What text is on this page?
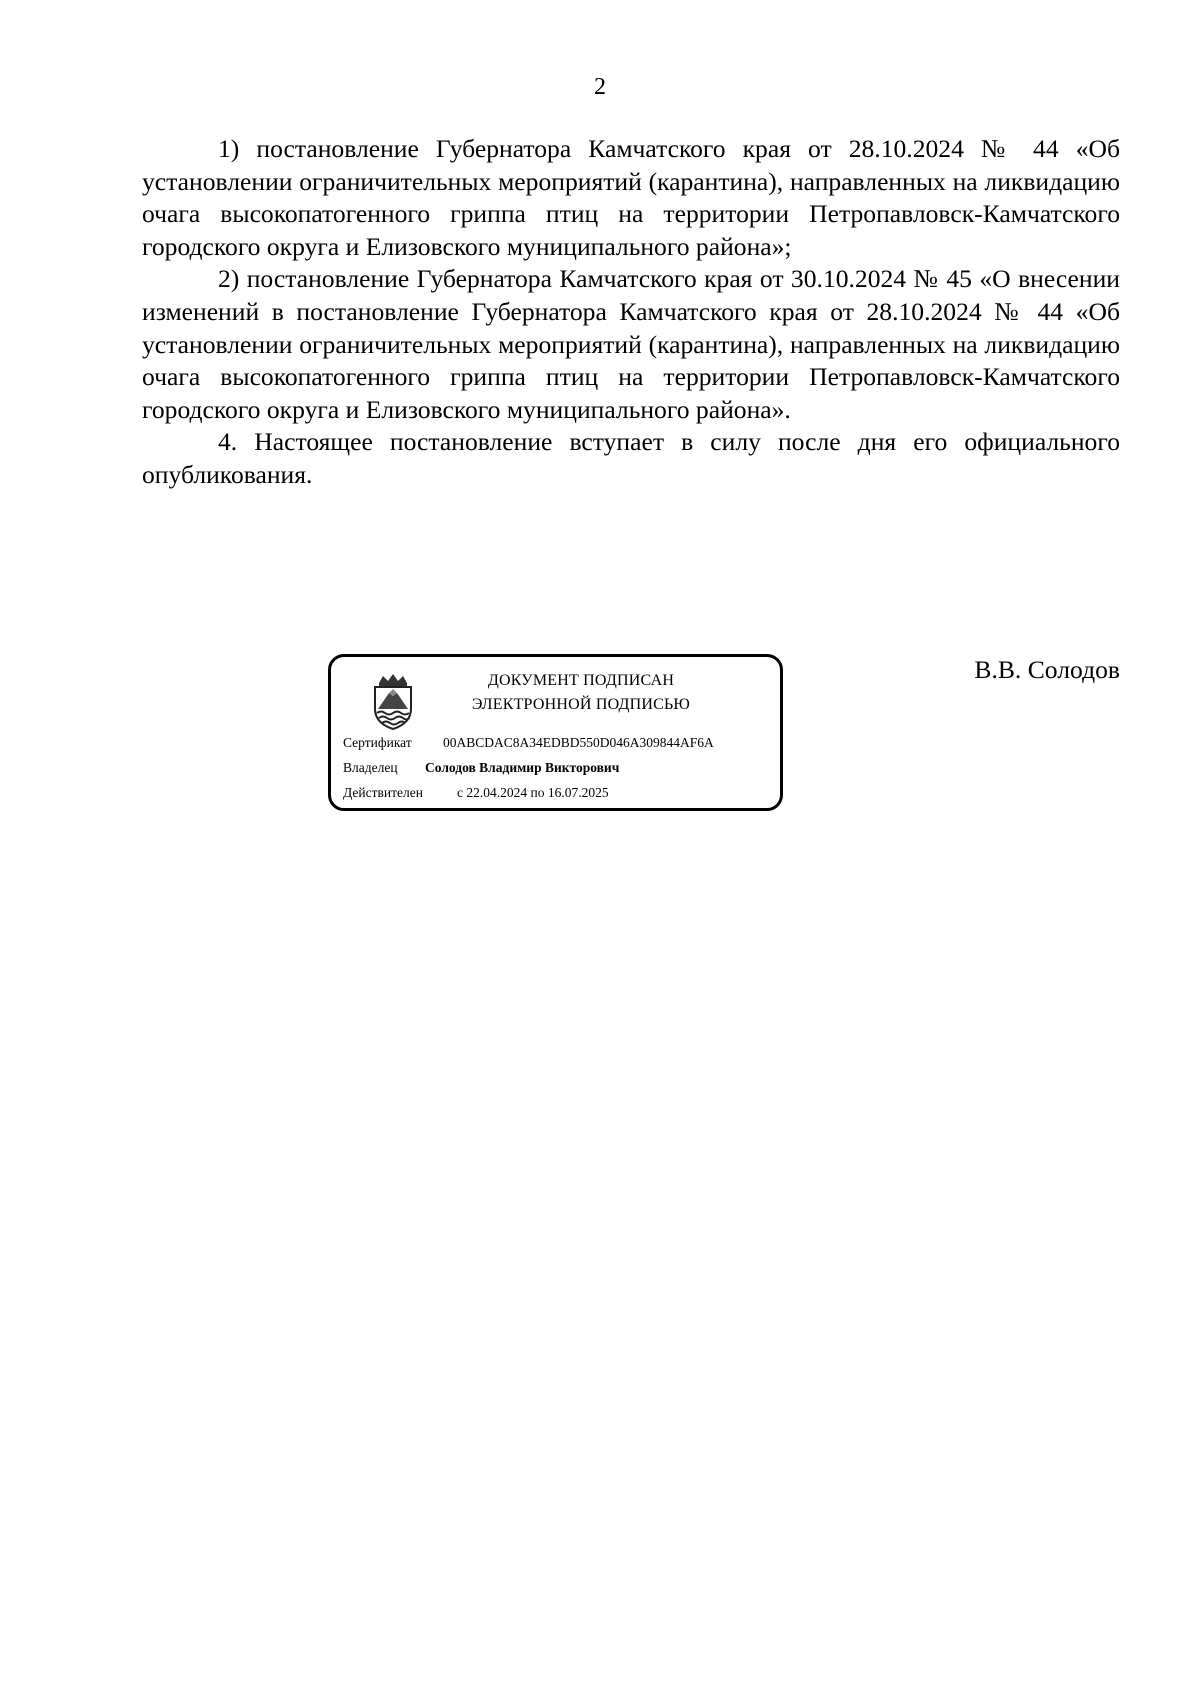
2

1) постановление Губернатора Камчатского края от 28.10.2024 № 44 «Об установлении ограничительных мероприятий (карантина), направленных на ликвидацию очага высокопатогенного гриппа птиц на территории Петропавловск-Камчатского городского округа и Елизовского муниципального района»;

2) постановление Губернатора Камчатского края от 30.10.2024 № 45 «О внесении изменений в постановление Губернатора Камчатского края от 28.10.2024 № 44 «Об установлении ограничительных мероприятий (карантина), направленных на ликвидацию очага высокопатогенного гриппа птиц на территории Петропавловск-Камчатского городского округа и Елизовского муниципального района».

4. Настоящее постановление вступает в силу после дня его официального опубликования.

ДОКУМЕНТ ПОДПИСАН
ЭЛЕКТРОННОЙ ПОДПИСЬЮ
Сертификат 00ABCDAC8A34EDBD550D046A309844AF6A
Владелец Солодов Владимир Викторович
Действителен	с 22.04.2024 по 16.07.2025
В.В. Солодов
